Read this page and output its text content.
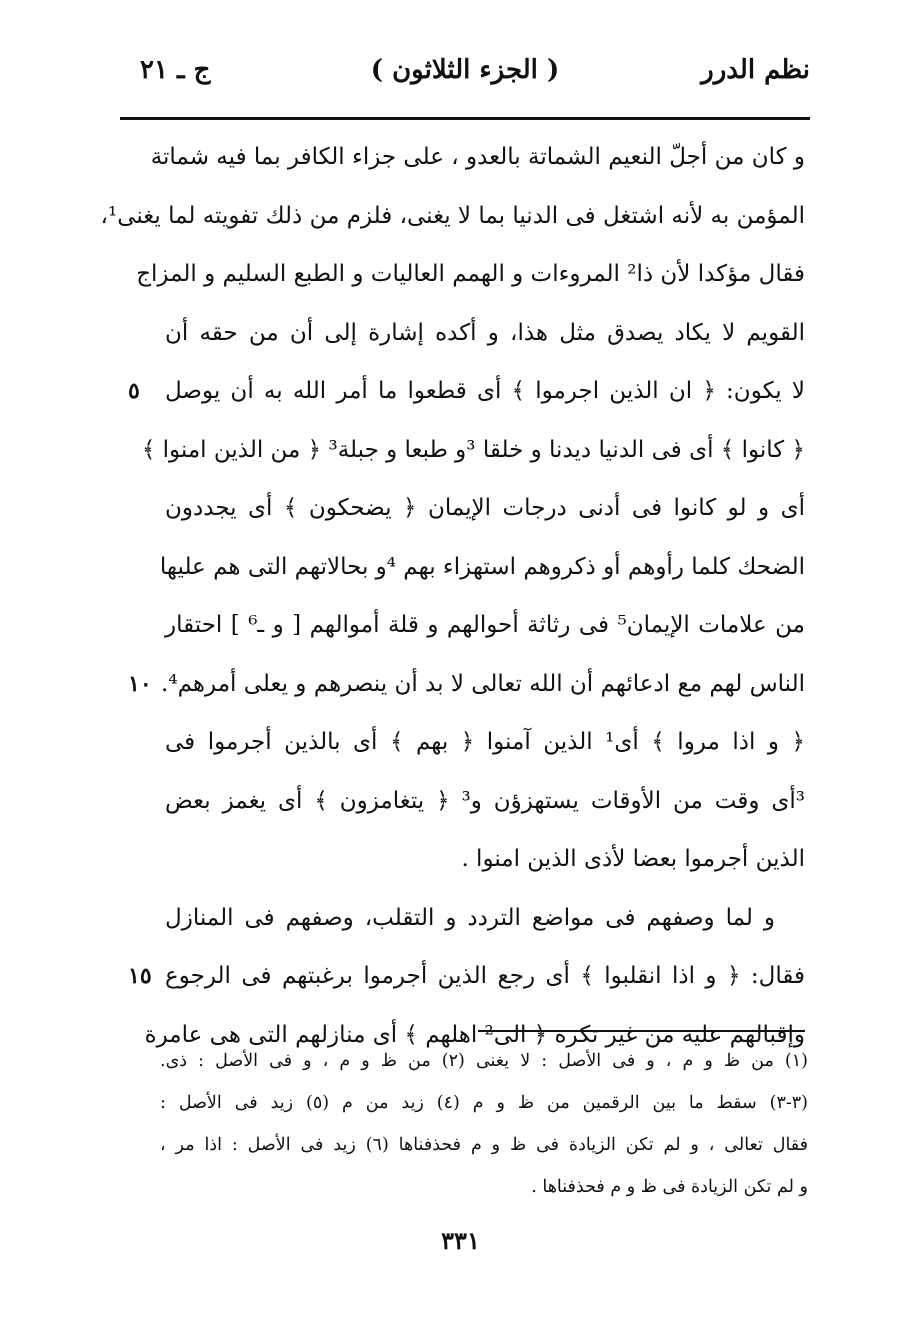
نظم الدرر
( الجزء الثلاثون )
ج ـ ٢١
و كان من أجلّ النعيم الشماتة بالعدو ، على جزاء الكافر بما فيه شماتة
المؤمن به لأنه اشتغل فى الدنيا بما لا يغنى، فلزم من ذلك تفويته لما يغنى¹،
فقال مؤكدا لأن ذا² المروءات و الهمم العاليات و الطبع السليم و المزاج
القويم لا يكاد يصدق مثل هذا، و أكده إشارة إلى أن من حقه أن
لا يكون: ﴿ ان الذين اجرموا ﴾ أى قطعوا ما أمر الله به أن يوصل
﴿ كانوا ﴾ أى فى الدنيا ديدنا و خلقا ³و طبعا و جبلة³ ﴿ من الذين امنوا ﴾
أى و لو كانوا فى أدنى درجات الإيمان ﴿ يضحكون ﴾ أى يجددون
الضحك كلما رأوهم أو ذكروهم استهزاء بهم ⁴و بحالاتهم التى هم عليها
من علامات الإيمان⁵ فى رثاثة أحوالهم و قلة أموالهم [ و ـ⁶ ] احتقار
الناس لهم مع ادعائهم أن الله تعالى لا بد أن ينصرهم و يعلى أمرهم⁴.
﴿ و اذا مروا ﴾ أى¹ الذين آمنوا ﴿ بهم ﴾ أى بالذين أجرموا فى
³أى وقت من الأوقات يستهزؤن و³ ﴿ يتغامزون ﴾ أى يغمز بعض
الذين أجرموا بعضا لأذى الذين امنوا .
و لما وصفهم فى مواضع التردد و التقلب، وصفهم فى المنازل
فقال: ﴿ و اذا انقلبوا ﴾ أى رجع الذين أجرموا برغبتهم فى الرجوع
وإقبالهم عليه من غير تكره ﴿ الى² اهلهم ﴾ أى منازلهم التى هى عامرة
٥
١٠
١٥
(١) من ظ و م ، و فى الأصل : لا يغنى (٢) من ظ و م ، و فى الأصل : ذى.
(٣-٣) سقط ما بين الرقمين من ظ و م (٤) زيد من م (٥) زيد فى الأصل :
فقال تعالى ، و لم تكن الزيادة فى ظ و م فحذفناها (٦) زيد فى الأصل : اذا مر ،
و لم تكن الزيادة فى ظ و م فحذفناها .
٣٣١
